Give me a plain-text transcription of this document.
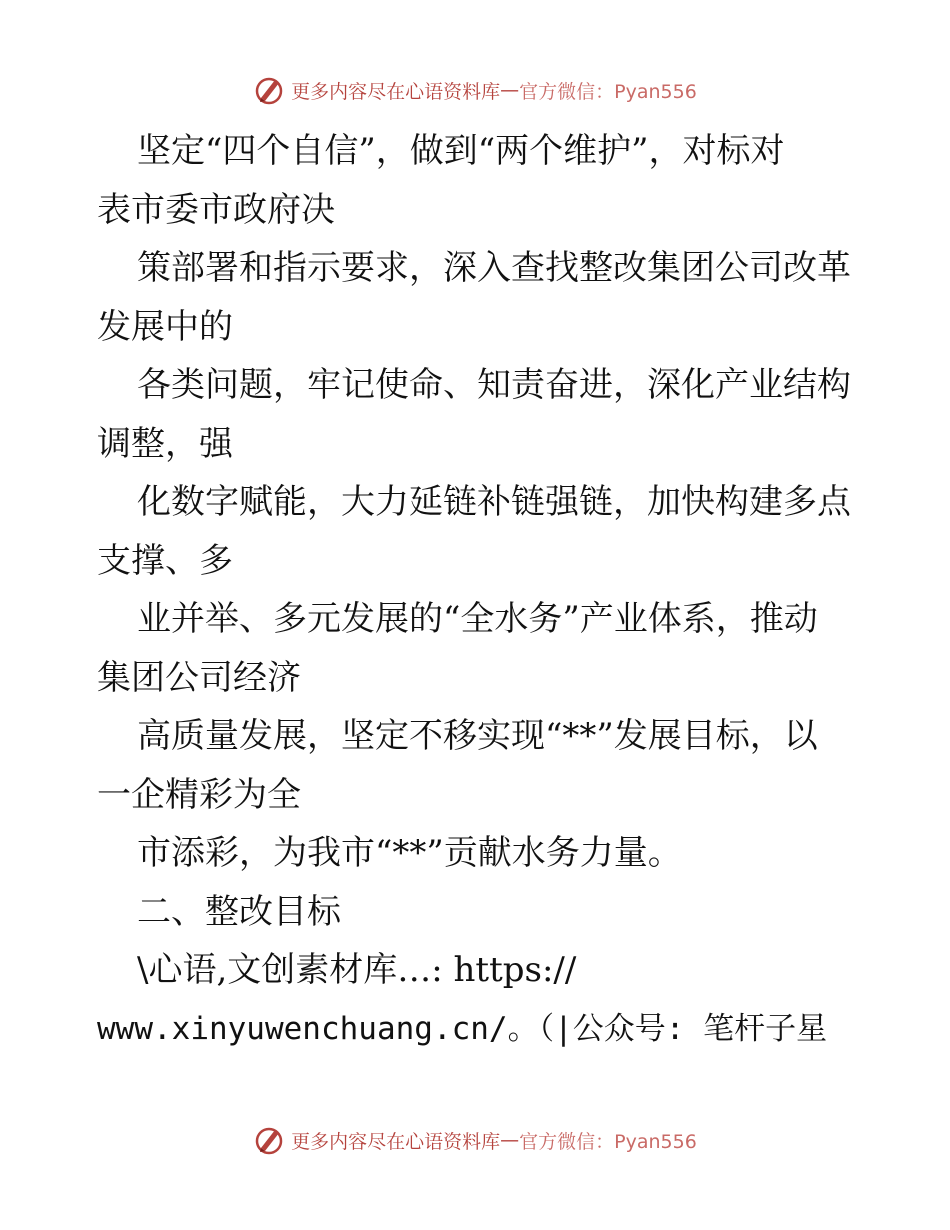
更多内容尽在心语资料库 — 官方微信：Pyan556
坚定“四个自信”，做到“两个维护”，对标对
表市委市政府决
策部署和指示要求，深入查找整改集团公司改革
发展中的
各类问题，牢记使命、知责奋进，深化产业结构
调整，强
化数字赋能，大力延链补链强链，加快构建多点
支撑、多
业并举、多元发展的“全水务”产业体系，推动
集团公司经济
高质量发展，坚定不移实现“**”发展目标，以
一企精彩为全
市添彩，为我市“**”贡献水务力量。
二、整改目标
\心语,文创素材库…: https://
www.xinyuwenchuang.cn/。（|公众号: 笔杆子星
更多内容尽在心语资料库 — 官方微信：Pyan556
